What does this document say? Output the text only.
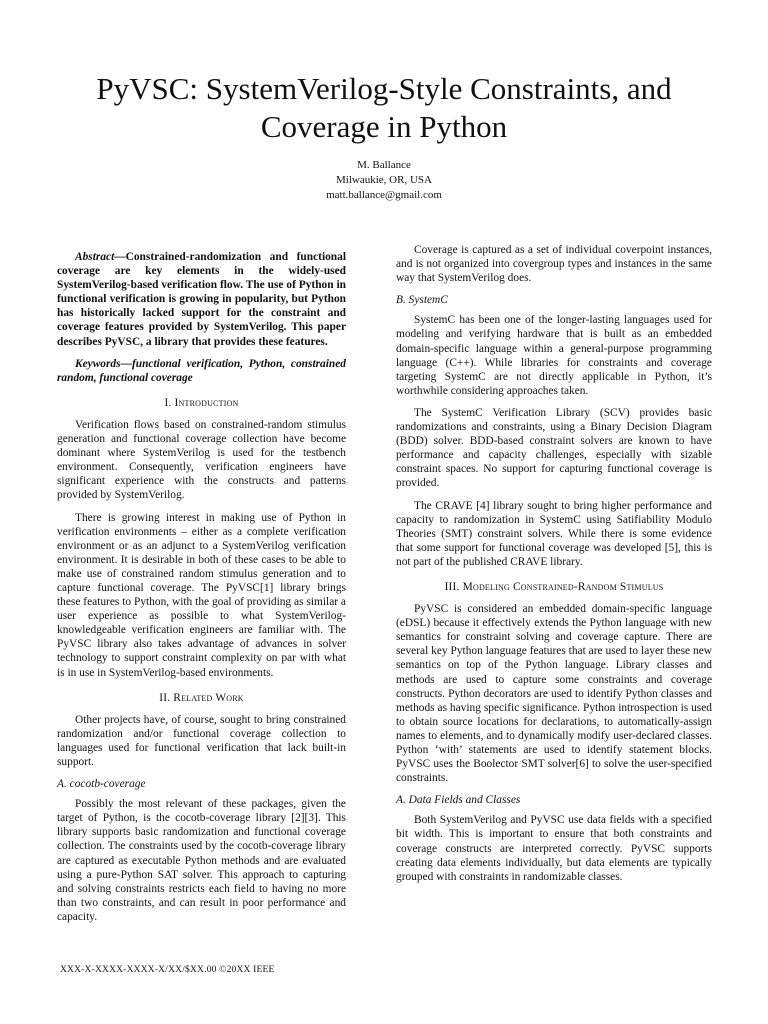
PyVSC: SystemVerilog-Style Constraints, and Coverage in Python
M. Ballance
Milwaukie, OR, USA
matt.ballance@gmail.com

Abstract—Constrained-randomization and functional coverage are key elements in the widely-used SystemVerilog-based verification flow. The use of Python in functional verification is growing in popularity, but Python has historically lacked support for the constraint and coverage features provided by SystemVerilog. This paper describes PyVSC, a library that provides these features.

Keywords—functional verification, Python, constrained random, functional coverage

I. Introduction

Verification flows based on constrained-random stimulus generation and functional coverage collection have become dominant where SystemVerilog is used for the testbench environment. Consequently, verification engineers have significant experience with the constructs and patterns provided by SystemVerilog.

There is growing interest in making use of Python in verification environments – either as a complete verification environment or as an adjunct to a SystemVerilog verification environment. It is desirable in both of these cases to be able to make use of constrained random stimulus generation and to capture functional coverage. The PyVSC[1] library brings these features to Python, with the goal of providing as similar a user experience as possible to what SystemVerilog-knowledgeable verification engineers are familiar with. The PyVSC library also takes advantage of advances in solver technology to support constraint complexity on par with what is in use in SystemVerilog-based environments.

II. Related Work

Other projects have, of course, sought to bring constrained randomization and/or functional coverage collection to languages used for functional verification that lack built-in support.

A. cocotb-coverage

Possibly the most relevant of these packages, given the target of Python, is the cocotb-coverage library [2][3]. This library supports basic randomization and functional coverage collection. The constraints used by the cocotb-coverage library are captured as executable Python methods and are evaluated using a pure-Python SAT solver. This approach to capturing and solving constraints restricts each field to having no more than two constraints, and can result in poor performance and capacity.

Coverage is captured as a set of individual coverpoint instances, and is not organized into covergroup types and instances in the same way that SystemVerilog does.

B. SystemC

SystemC has been one of the longer-lasting languages used for modeling and verifying hardware that is built as an embedded domain-specific language within a general-purpose programming language (C++). While libraries for constraints and coverage targeting SystemC are not directly applicable in Python, it’s worthwhile considering approaches taken.

The SystemC Verification Library (SCV) provides basic randomizations and constraints, using a Binary Decision Diagram (BDD) solver. BDD-based constraint solvers are known to have performance and capacity challenges, especially with sizable constraint spaces. No support for capturing functional coverage is provided.

The CRAVE [4] library sought to bring higher performance and capacity to randomization in SystemC using Satifiability Modulo Theories (SMT) constraint solvers. While there is some evidence that some support for functional coverage was developed [5], this is not part of the published CRAVE library.

III. Modeling Constrained-Random Stimulus

PyVSC is considered an embedded domain-specific language (eDSL) because it effectively extends the Python language with new semantics for constraint solving and coverage capture. There are several key Python language features that are used to layer these new semantics on top of the Python language. Library classes and methods are used to capture some constraints and coverage constructs. Python decorators are used to identify Python classes and methods as having specific significance. Python introspection is used to obtain source locations for declarations, to automatically-assign names to elements, and to dynamically modify user-declared classes. Python ‘with’ statements are used to identify statement blocks. PyVSC uses the Boolector SMT solver[6] to solve the user-specified constraints.

A. Data Fields and Classes

Both SystemVerilog and PyVSC use data fields with a specified bit width. This is important to ensure that both constraints and coverage constructs are interpreted correctly. PyVSC supports creating data elements individually, but data elements are typically grouped with constraints in randomizable classes.

XXX-X-XXXX-XXXX-X/XX/$XX.00 ©20XX IEEE
